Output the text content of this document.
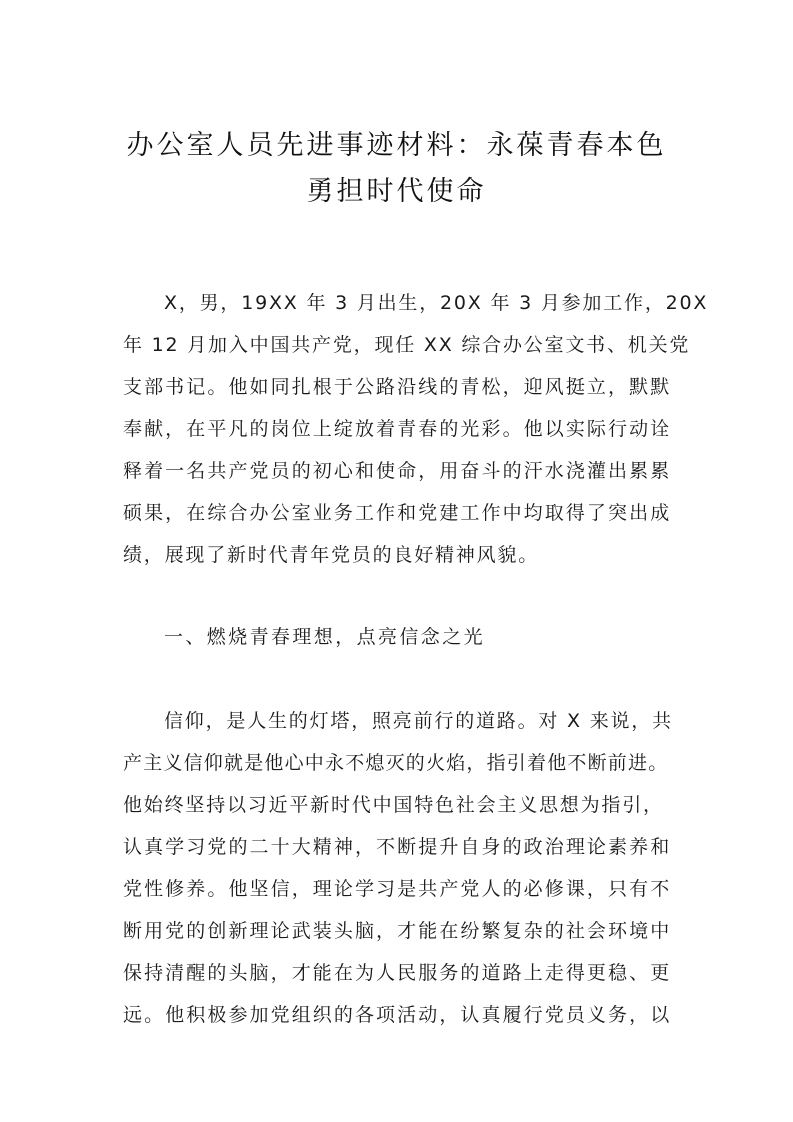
办公室人员先进事迹材料：永葆青春本色
勇担时代使命
X，男，19XX 年 3 月出生，20X 年 3 月参加工作，20X
年 12 月加入中国共产党，现任 XX 综合办公室文书、机关党
支部书记。他如同扎根于公路沿线的青松，迎风挺立，默默
奉献，在平凡的岗位上绽放着青春的光彩。他以实际行动诠
释着一名共产党员的初心和使命，用奋斗的汗水浇灌出累累
硕果，在综合办公室业务工作和党建工作中均取得了突出成
绩，展现了新时代青年党员的良好精神风貌。
一、燃烧青春理想，点亮信念之光
信仰，是人生的灯塔，照亮前行的道路。对 X 来说，共
产主义信仰就是他心中永不熄灭的火焰，指引着他不断前进。
他始终坚持以习近平新时代中国特色社会主义思想为指引，
认真学习党的二十大精神，不断提升自身的政治理论素养和
党性修养。他坚信，理论学习是共产党人的必修课，只有不
断用党的创新理论武装头脑，才能在纷繁复杂的社会环境中
保持清醒的头脑，才能在为人民服务的道路上走得更稳、更
远。他积极参加党组织的各项活动，认真履行党员义务，以
